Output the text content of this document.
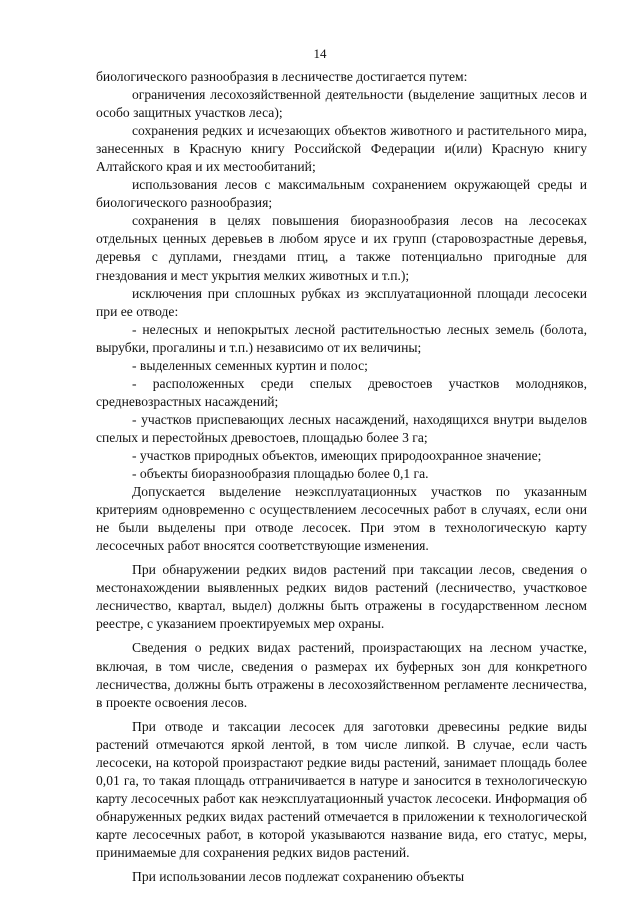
14

биологического разнообразия в лесничестве достигается путем:

ограничения лесохозяйственной деятельности (выделение защитных лесов и особо защитных участков леса);

сохранения редких и исчезающих объектов животного и растительного мира, занесенных в Красную книгу Российской Федерации и(или) Красную книгу Алтайского края и их местообитаний;

использования лесов с максимальным сохранением окружающей среды и биологического разнообразия;

сохранения в целях повышения биоразнообразия лесов на лесосеках отдельных ценных деревьев в любом ярусе и их групп (старовозрастные деревья, деревья с дуплами, гнездами птиц, а также потенциально пригодные для гнездования и мест укрытия мелких животных и т.п.);

исключения при сплошных рубках из эксплуатационной площади лесосеки при ее отводе:

- нелесных и непокрытых лесной растительностью лесных земель (болота, вырубки, прогалины и т.п.) независимо от их величины;

- выделенных семенных куртин и полос;

- расположенных среди спелых древостоев участков молодняков, средневозрастных насаждений;

- участков приспевающих лесных насаждений, находящихся внутри выделов спелых и перестойных древостоев, площадью более 3 га;

- участков природных объектов, имеющих природоохранное значение;

- объекты биоразнообразия площадью более 0,1 га.

Допускается выделение неэксплуатационных участков по указанным критериям одновременно с осуществлением лесосечных работ в случаях, если они не были выделены при отводе лесосек. При этом в технологическую карту лесосечных работ вносятся соответствующие изменения.

При обнаружении редких видов растений при таксации лесов, сведения о местонахождении выявленных редких видов растений (лесничество, участковое лесничество, квартал, выдел) должны быть отражены в государственном лесном реестре, с указанием проектируемых мер охраны.

Сведения о редких видах растений, произрастающих на лесном участке, включая, в том числе, сведения о размерах их буферных зон для конкретного лесничества, должны быть отражены в лесохозяйственном регламенте лесничества, в проекте освоения лесов.

При отводе и таксации лесосек для заготовки древесины редкие виды растений отмечаются яркой лентой, в том числе липкой. В случае, если часть лесосеки, на которой произрастают редкие виды растений, занимает площадь более 0,01 га, то такая площадь отграничивается в натуре и заносится в технологическую карту лесосечных работ как неэксплуатационный участок лесосеки. Информация об обнаруженных редких видах растений отмечается в приложении к технологической карте лесосечных работ, в которой указываются название вида, его статус, меры, принимаемые для сохранения редких видов растений.

При использовании лесов подлежат сохранению объекты
